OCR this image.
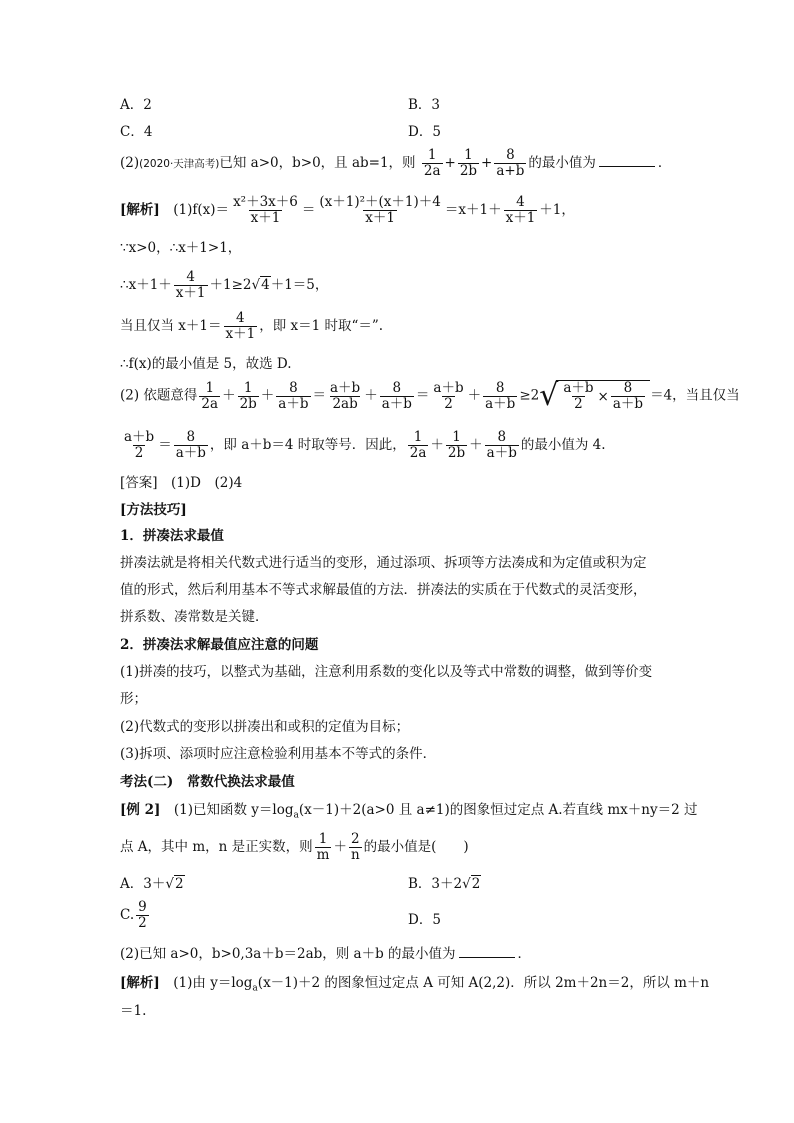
A．2	B．3
C．4	D．5
(2)(2020·天津高考)已知 a>0，b>0，且 ab=1，则 $\frac{1}{2a} + \frac{1}{2b} + \frac{8}{a+b}$ 的最小值为	．
[解析]　 $(1)f(x)= \frac{\text{x²＋3x＋6}}{x+1} = \frac{\text{(x＋1)²＋(x＋1)＋4}}{x+1} =x+1+ \frac{4}{x+1} +1$，
∵x>0，∴x＋1>1，
∴x＋1＋ $\frac{4}{x+1} +1\ge 2√4+1=5$，
当且仅当 $x+1= \frac{4}{x+1}$ ，即 x＝1 时取“＝”.
∴f(x)的最小值是 5，故选 D.
(2) 依题意得 $\frac{1}{2a} + \frac{1}{2b} + \frac{8}{a+b} = \frac{a+b}{2ab} + \frac{8}{a+b} = \frac{a+b}{2} + \frac{8}{a+b} \ge 2$ √ $\frac{a+b}{2} \times \frac{8}{a+b} =4$，当且仅当
$\frac{a+b}{2} = \frac{8}{a+b}$ ，即 a＋b＝4 时取等号．因此， $\frac{1}{2a} + \frac{1}{2b} + \frac{8}{a+b}$ 的最小值为 4.
[答案]　(1)D　(2)4
[方法技巧]
1．拼凑法求最值
拼凑法就是将相关代数式进行适当的变形，通过添项、拆项等方法凑成和为定值或积为定
值的形式，然后利用基本不等式求解最值的方法．拼凑法的实质在于代数式的灵活变形，
拼系数、凑常数是关键．
2．拼凑法求解最值应注意的问题
(1)拼凑的技巧，以整式为基础，注意利用系数的变化以及等式中常数的调整，做到等价变
形；
(2)代数式的变形以拼凑出和或积的定值为目标；
(3)拆项、添项时应注意检验利用基本不等式的条件．
考法(二)　常数代换法求最值
[例 2]　(1)已知函数 $y=\log_a(x-1)+2(a>0$ 且 a≠1)的图象恒过定点 A.若直线 mx＋ny＝2 过
点 A，其中 m，n 是正实数，则 $\frac{1}{m} + \frac{2}{n}$ 的最小值是(　　)
A．3＋√2	B．3＋2√2
C. $\frac{9}{2}$	D．5
(2)已知 a>0，b>0,3a＋b＝2ab，则 a＋b 的最小值为	．
[解析]　(1)由 $y=\log_a(x-1)+2$ 的图象恒过定点 A 可知 A(2,2)．所以 2m＋2n＝2，所以 m＋n
＝1.
